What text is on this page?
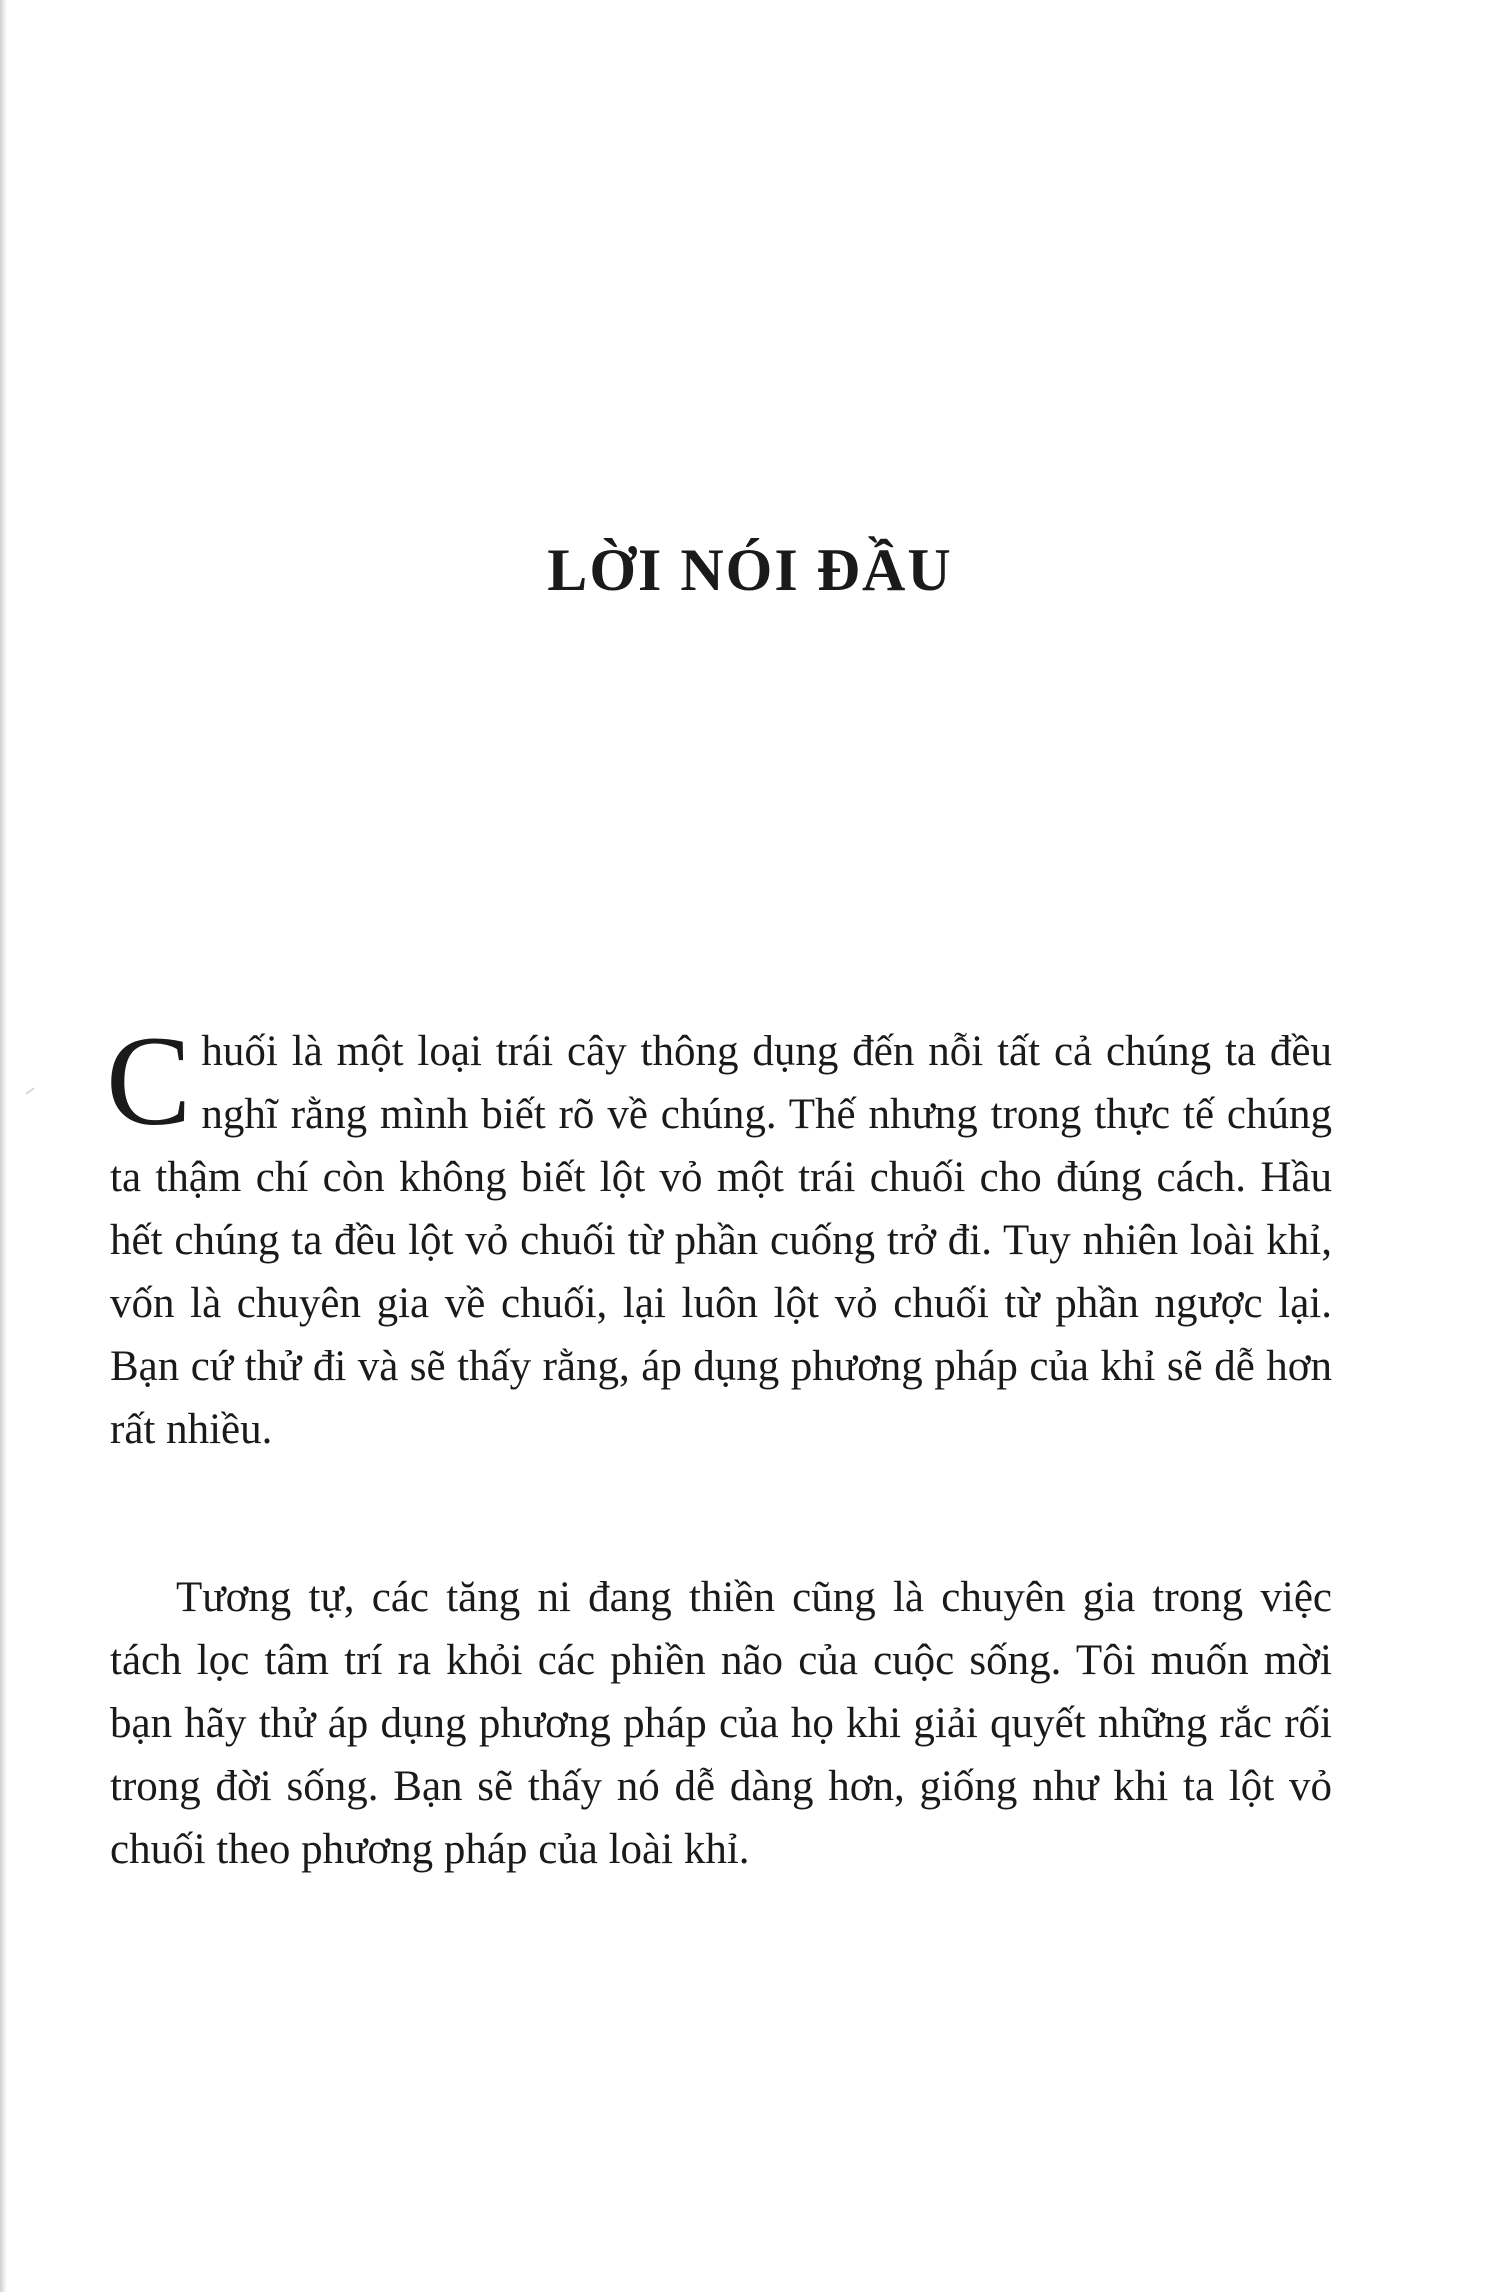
LỜI NÓI ĐẦU

Chuối là một loại trái cây thông dụng đến nỗi tất cả chúng ta đều nghĩ rằng mình biết rõ về chúng. Thế nhưng trong thực tế chúng ta thậm chí còn không biết lột vỏ một trái chuối cho đúng cách. Hầu hết chúng ta đều lột vỏ chuối từ phần cuống trở đi. Tuy nhiên loài khỉ, vốn là chuyên gia về chuối, lại luôn lột vỏ chuối từ phần ngược lại. Bạn cứ thử đi và sẽ thấy rằng, áp dụng phương pháp của khỉ sẽ dễ hơn rất nhiều.

Tương tự, các tăng ni đang thiền cũng là chuyên gia trong việc tách lọc tâm trí ra khỏi các phiền não của cuộc sống. Tôi muốn mời bạn hãy thử áp dụng phương pháp của họ khi giải quyết những rắc rối trong đời sống. Bạn sẽ thấy nó dễ dàng hơn, giống như khi ta lột vỏ chuối theo phương pháp của loài khỉ.
